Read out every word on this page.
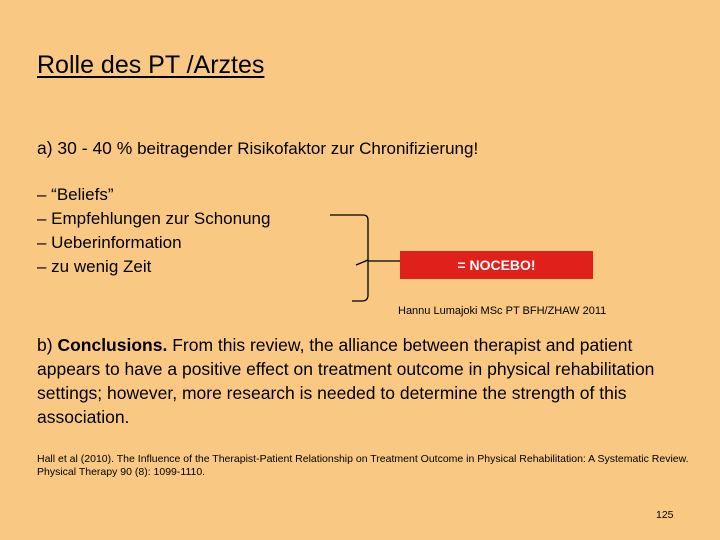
Rolle des PT /Arztes
a) 30 - 40 % beitragender Risikofaktor zur Chronifizierung!
– “Beliefs”
– Empfehlungen zur Schonung
– Ueberinformation
– zu wenig Zeit	= NOCEBO!
Hannu Lumajoki MSc PT BFH/ZHAW 2011
b) Conclusions. From this review, the alliance between therapist and patient appears to have a positive effect on treatment outcome in physical rehabilitation settings; however, more research is needed to determine the strength of this association.
Hall et al (2010). The Influence of the Therapist-Patient Relationship on Treatment Outcome in Physical Rehabilitation: A Systematic Review. Physical Therapy 90 (8): 1099-1110.
125
